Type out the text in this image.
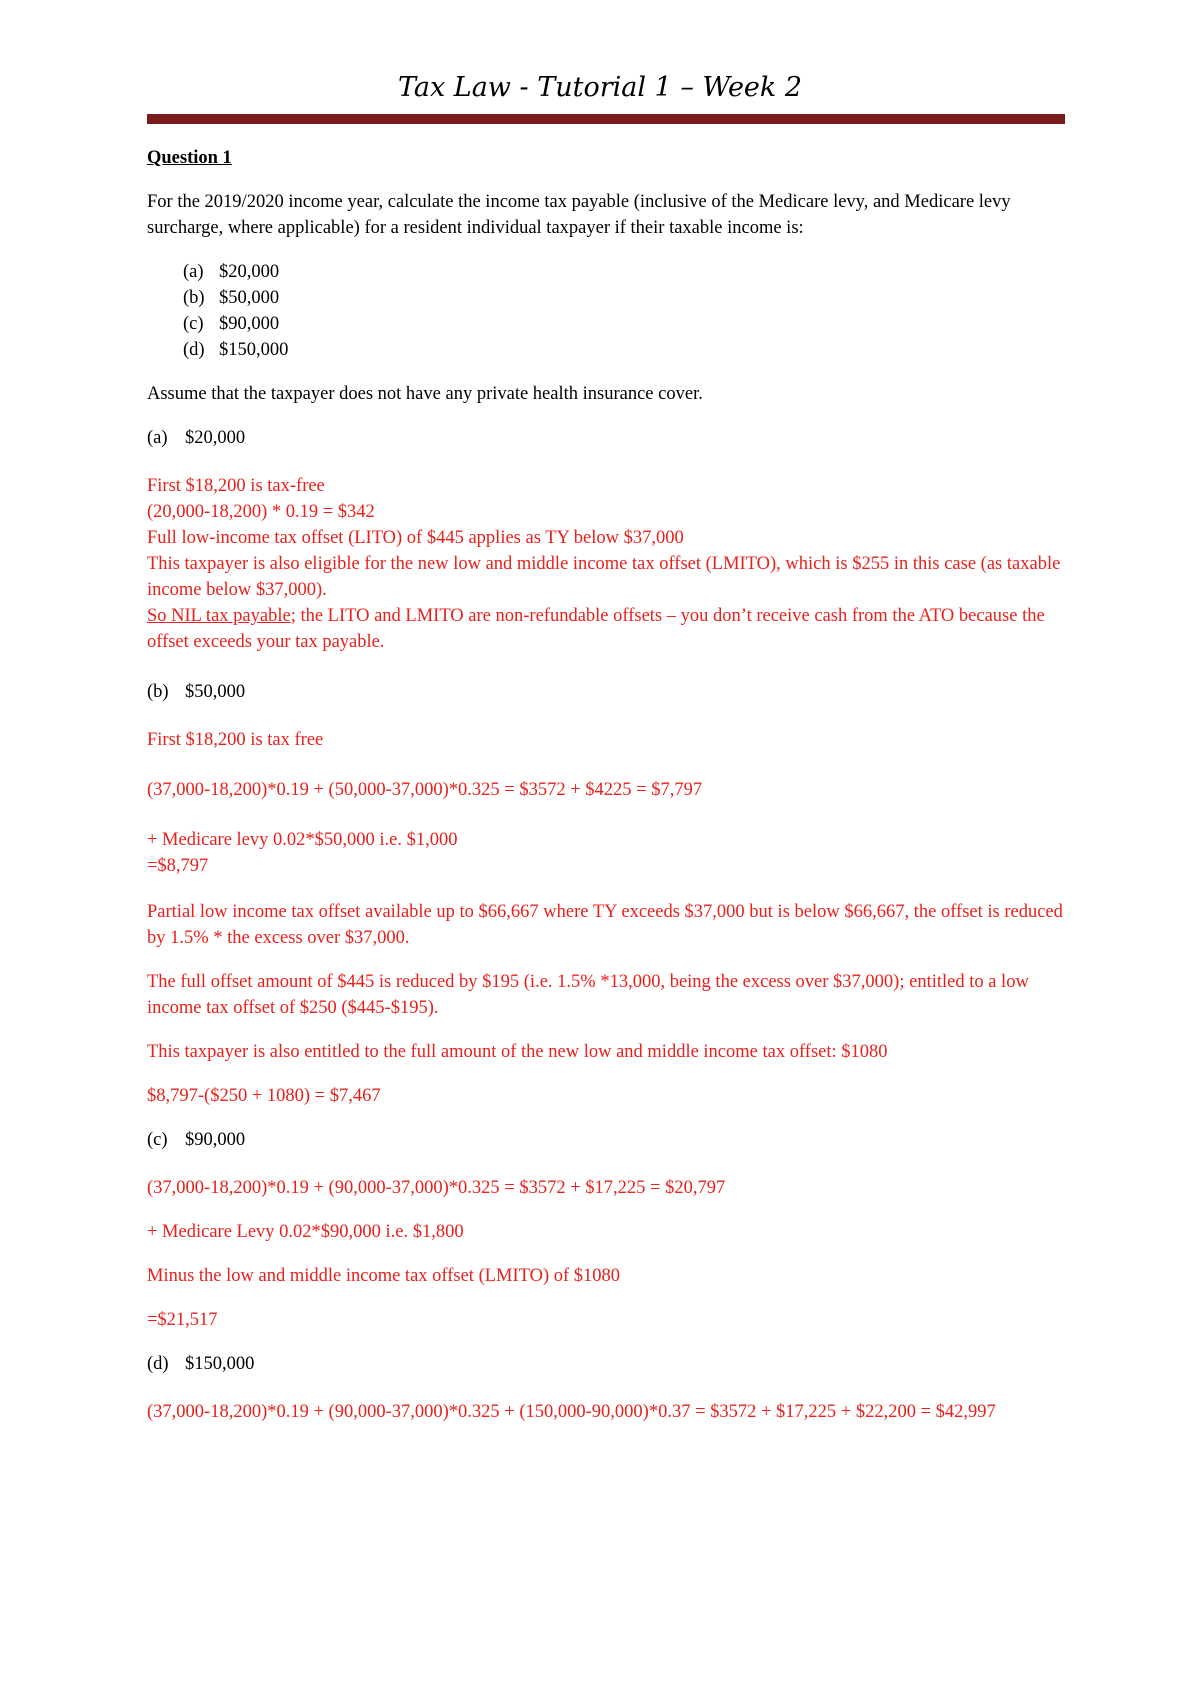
Tax Law - Tutorial 1 – Week 2
Question 1

For the 2019/2020 income year, calculate the income tax payable (inclusive of the Medicare levy, and Medicare levy surcharge, where applicable) for a resident individual taxpayer if their taxable income is:

(a) $20,000
(b) $50,000
(c) $90,000
(d) $150,000

Assume that the taxpayer does not have any private health insurance cover.

(a) $20,000
First $18,200 is tax-free
(20,000-18,200) * 0.19 = $342
Full low-income tax offset (LITO) of $445 applies as TY below $37,000
This taxpayer is also eligible for the new low and middle income tax offset (LMITO), which is $255 in this case (as taxable income below $37,000).
So NIL tax payable; the LITO and LMITO are non-refundable offsets – you don’t receive cash from the ATO because the offset exceeds your tax payable.
(b) $50,000

First $18,200 is tax free

(37,000-18,200)*0.19 + (50,000-37,000)*0.325 = $3572 + $4225 = $7,797

+ Medicare levy 0.02*$50,000 i.e. $1,000

=$8,797

Partial low income tax offset available up to $66,667 where TY exceeds $37,000 but is below $66,667, the offset is reduced by 1.5% * the excess over $37,000.

The full offset amount of $445 is reduced by $195 (i.e. 1.5% *13,000, being the excess over $37,000); entitled to a low income tax offset of $250 ($445-$195).

This taxpayer is also entitled to the full amount of the new low and middle income tax offset: $1080

$8,797-($250 + 1080) = $7,467

(c) $90,000

(37,000-18,200)*0.19 + (90,000-37,000)*0.325 = $3572 + $17,225 = $20,797

+ Medicare Levy 0.02*$90,000 i.e. $1,800

Minus the low and middle income tax offset (LMITO) of $1080

=$21,517

(d) $150,000

(37,000-18,200)*0.19 + (90,000-37,000)*0.325 + (150,000-90,000)*0.37 = $3572 + $17,225 + $22,200 = $42,997
